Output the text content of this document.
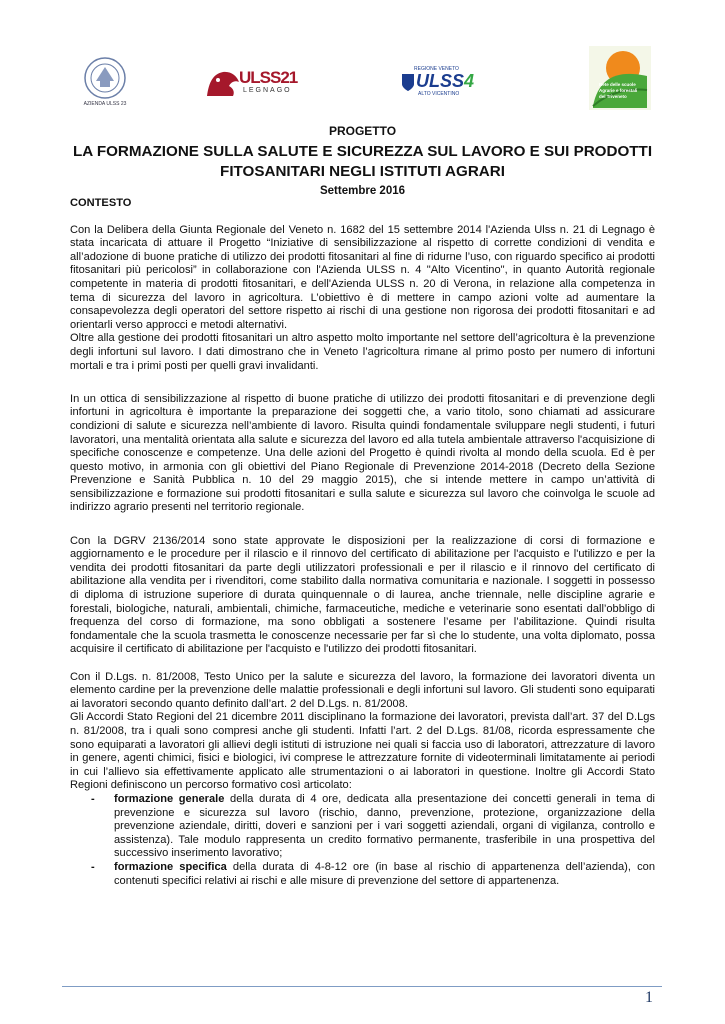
AZIENDA ULSS 23
ULSS21
LEGNAGO
REGIONE VENETO
ULSS4
ALTO VICENTINO
Rete delle scuole
Agrarie e forestali
del Triveneto
PROGETTO
LA FORMAZIONE SULLA SALUTE E SICUREZZA SUL LAVORO E SUI PRODOTTI
FITOSANITARI NEGLI ISTITUTI AGRARI
Settembre 2016
CONTESTO

Con la Delibera della Giunta Regionale del Veneto n. 1682 del 15 settembre 2014 l'Azienda Ulss n. 21 di Legnago è stata incaricata di attuare il Progetto “Iniziative di sensibilizzazione al rispetto di corrette condizioni di vendita e all’adozione di buone pratiche di utilizzo dei prodotti fitosanitari al fine di ridurne l’uso, con riguardo specifico ai prodotti fitosanitari più pericolosi” in collaborazione con l'Azienda ULSS n. 4 "Alto Vicentino", in quanto Autorità regionale competente in materia di prodotti fitosanitari, e dell'Azienda ULSS n. 20 di Verona, in relazione alla competenza in tema di sicurezza del lavoro in agricoltura. L’obiettivo è di mettere in campo azioni volte ad aumentare la consapevolezza degli operatori del settore rispetto ai rischi di una gestione non rigorosa dei prodotti fitosanitari e ad orientarli verso approcci e metodi alternativi.

Oltre alla gestione dei prodotti fitosanitari un altro aspetto molto importante nel settore dell’agricoltura è la prevenzione degli infortuni sul lavoro. I dati dimostrano che in Veneto l’agricoltura rimane al primo posto per numero di infortuni mortali e tra i primi posti per quelli gravi invalidanti.

In un ottica di sensibilizzazione al rispetto di buone pratiche di utilizzo dei prodotti fitosanitari e di prevenzione degli infortuni in agricoltura è importante la preparazione dei soggetti che, a vario titolo, sono chiamati ad assicurare condizioni di salute e sicurezza nell’ambiente di lavoro. Risulta quindi fondamentale sviluppare negli studenti, i futuri lavoratori, una mentalità orientata alla salute e sicurezza del lavoro ed alla tutela ambientale attraverso l'acquisizione di specifiche conoscenze e competenze. Una delle azioni del Progetto è quindi rivolta al mondo della scuola. Ed è per questo motivo, in armonia con gli obiettivi del Piano Regionale di Prevenzione 2014-2018 (Decreto della Sezione Prevenzione e Sanità Pubblica n. 10 del 29 maggio 2015), che si intende mettere in campo un’attività di sensibilizzazione e formazione sui prodotti fitosanitari e sulla salute e sicurezza sul lavoro che coinvolga le scuole ad indirizzo agrario presenti nel territorio regionale.

Con la DGRV 2136/2014 sono state approvate le disposizioni per la realizzazione di corsi di formazione e aggiornamento e le procedure per il rilascio e il rinnovo del certificato di abilitazione per l'acquisto e l'utilizzo e per la vendita dei prodotti fitosanitari da parte degli utilizzatori professionali e per il rilascio e il rinnovo del certificato di abilitazione alla vendita per i rivenditori, come stabilito dalla normativa comunitaria e nazionale. I soggetti in possesso di diploma di istruzione superiore di durata quinquennale o di laurea, anche triennale, nelle discipline agrarie e forestali, biologiche, naturali, ambientali, chimiche, farmaceutiche, mediche e veterinarie sono esentati dall’obbligo di frequenza del corso di formazione, ma sono obbligati a sostenere l’esame per l’abilitazione. Quindi risulta fondamentale che la scuola trasmetta le conoscenze necessarie per far sì che lo studente, una volta diplomato, possa acquisire il certificato di abilitazione per l'acquisto e l'utilizzo dei prodotti fitosanitari.

Con il D.Lgs. n. 81/2008, Testo Unico per la salute e sicurezza del lavoro, la formazione dei lavoratori diventa un elemento cardine per la prevenzione delle malattie professionali e degli infortuni sul lavoro. Gli studenti sono equiparati ai lavoratori secondo quanto definito dall’art. 2 del D.Lgs. n. 81/2008.

Gli Accordi Stato Regioni del 21 dicembre 2011 disciplinano la formazione dei lavoratori, prevista dall’art. 37 del D.Lgs n. 81/2008, tra i quali sono compresi anche gli studenti. Infatti l’art. 2 del D.Lgs. 81/08, ricorda espressamente che sono equiparati a lavoratori gli allievi degli istituti di istruzione nei quali si faccia uso di laboratori, attrezzature di lavoro in genere, agenti chimici, fisici e biologici, ivi comprese le attrezzature fornite di videoterminali limitatamente ai periodi in cui l’allievo sia effettivamente applicato alle strumentazioni o ai laboratori in questione. Inoltre gli Accordi Stato Regioni definiscono un percorso formativo così articolato:

- formazione generale della durata di 4 ore, dedicata alla presentazione dei concetti generali in tema di prevenzione e sicurezza sul lavoro (rischio, danno, prevenzione, protezione, organizzazione della prevenzione aziendale, diritti, doveri e sanzioni per i vari soggetti aziendali, organi di vigilanza, controllo e assistenza). Tale modulo rappresenta un credito formativo permanente, trasferibile in una prospettiva del successivo inserimento lavorativo;
- formazione specifica della durata di 4-8-12 ore (in base al rischio di appartenenza dell’azienda), con contenuti specifici relativi ai rischi e alle misure di prevenzione del settore di appartenenza.
1
